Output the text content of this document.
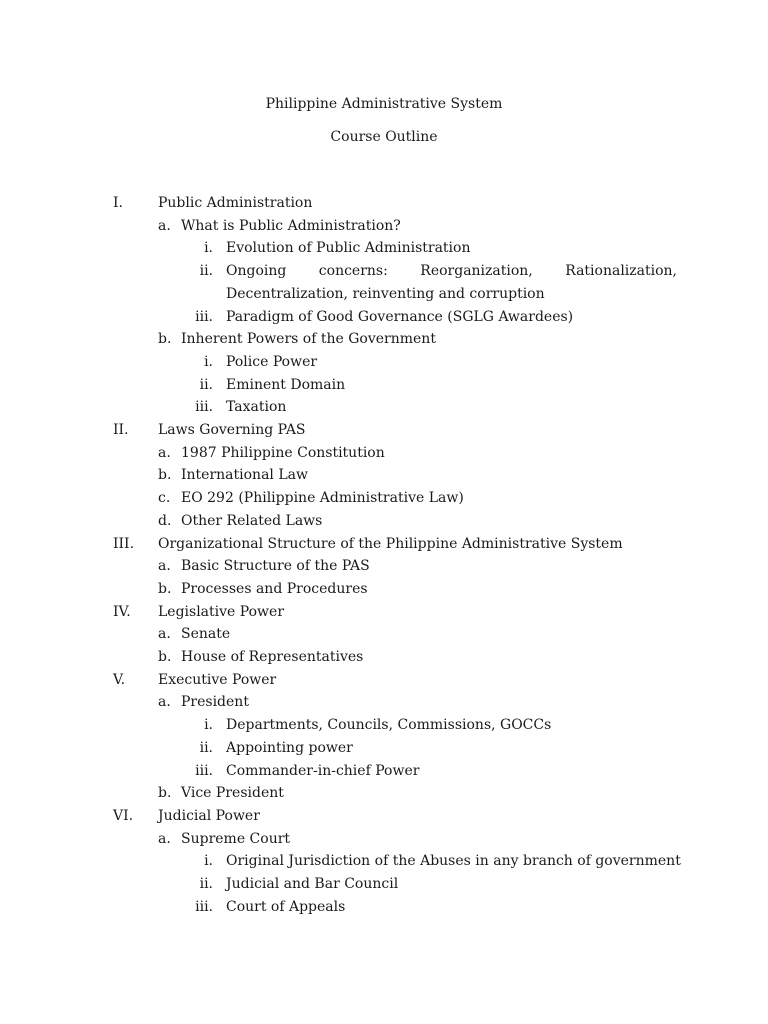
Philippine Administrative System
Course Outline
I.	Public Administration
a. What is Public Administration?
i. Evolution of Public Administration
ii. Ongoing concerns: Reorganization, Rationalization,
Decentralization, reinventing and corruption
iii. Paradigm of Good Governance (SGLG Awardees)
b. Inherent Powers of the Government
i. Police Power
ii. Eminent Domain
iii. Taxation
II. Laws Governing PAS
a. 1987 Philippine Constitution
b. International Law
c. EO 292 (Philippine Administrative Law)
d. Other Related Laws
III. Organizational Structure of the Philippine Administrative System
a. Basic Structure of the PAS
b. Processes and Procedures
IV. Legislative Power
a. Senate
b. House of Representatives
V. Executive Power
a. President
i. Departments, Councils, Commissions, GOCCs
ii. Appointing power
iii. Commander-in-chief Power
b. Vice President
VI. Judicial Power
a. Supreme Court
i. Original Jurisdiction of the Abuses in any branch of government
ii. Judicial and Bar Council
iii. Court of Appeals
